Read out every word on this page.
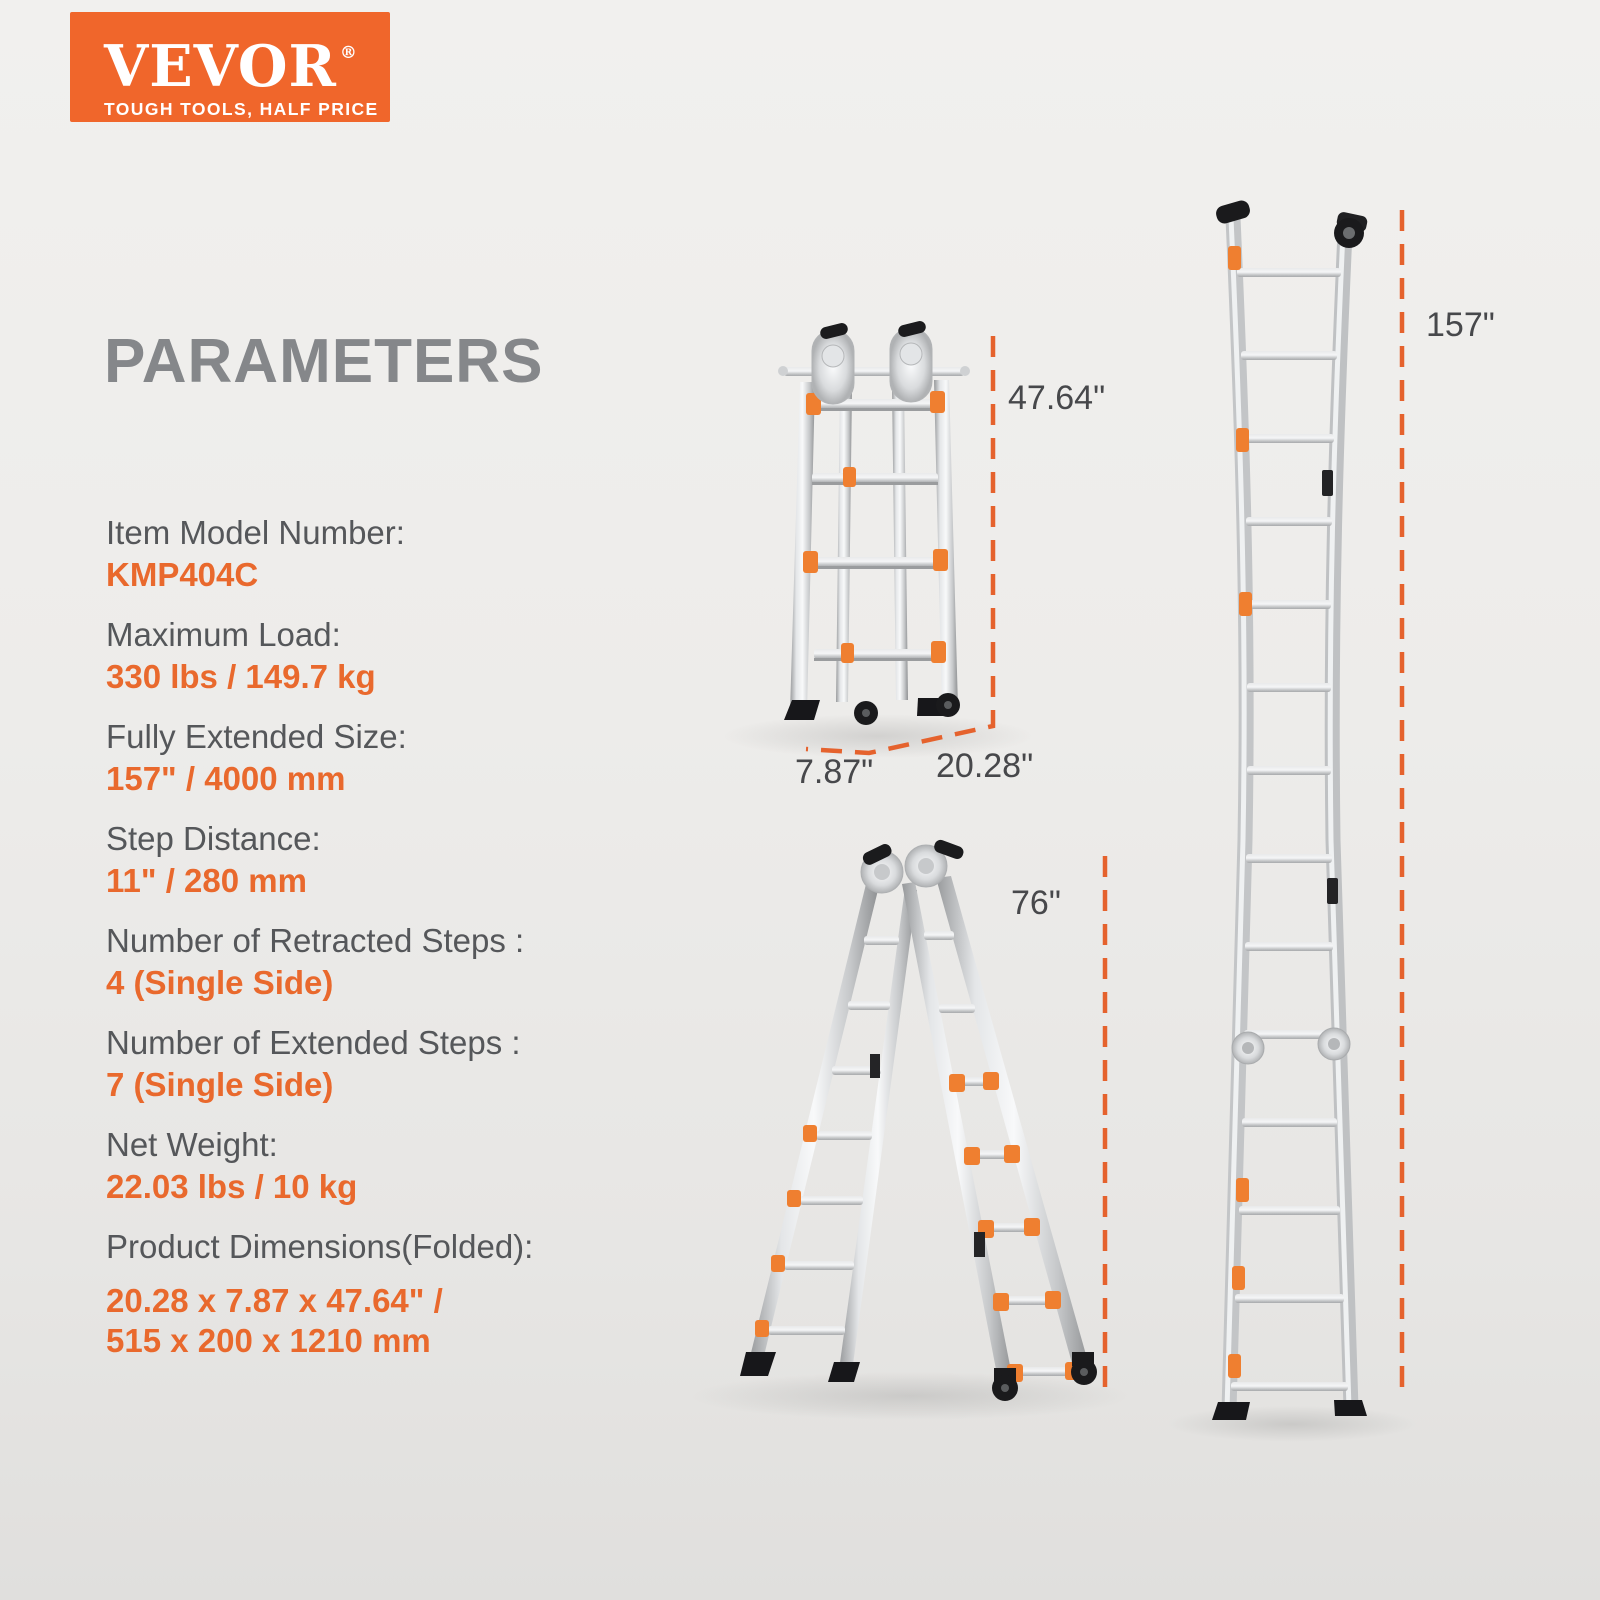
VEVOR ®
TOUGH TOOLS, HALF PRICE
PARAMETERS
Item Model Number:
KMP404C
Maximum Load:
330 lbs / 149.7 kg
Fully Extended Size:
157" / 4000 mm
Step Distance:
11" / 280 mm
Number of Retracted Steps :
4 (Single Side)
Number of Extended Steps :
7 (Single Side)
Net Weight:
22.03 lbs / 10 kg
Product Dimensions(Folded):
20.28 x 7.87 x 47.64" /
515 x 200 x 1210 mm
47.64"
7.87" 20.28"
76"
157"
